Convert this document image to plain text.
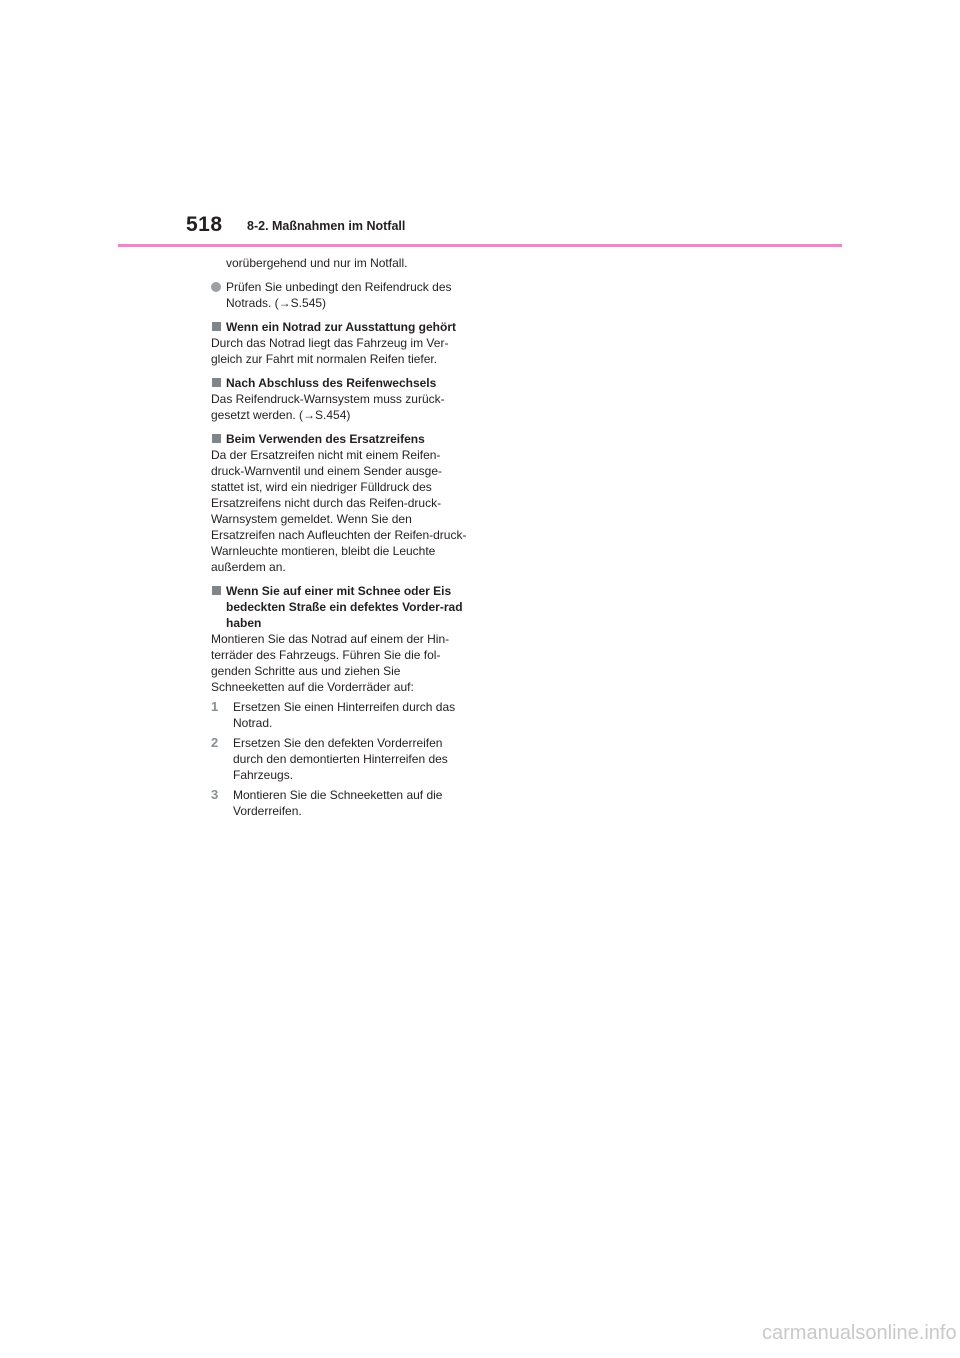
518 8-2. Maßnahmen im Notfall

vorübergehend und nur im Notfall.

Prüfen Sie unbedingt den Reifendruck des Notrads. (→S.545)

Wenn ein Notrad zur Ausstattung gehört

Durch das Notrad liegt das Fahrzeug im Ver-gleich zur Fahrt mit normalen Reifen tiefer.

Nach Abschluss des Reifenwechsels

Das Reifendruck-Warnsystem muss zurück-gesetzt werden. (→S.454)

Beim Verwenden des Ersatzreifens

Da der Ersatzreifen nicht mit einem Reifen-druck-Warnventil und einem Sender ausge-stattet ist, wird ein niedriger Fülldruck des Ersatzreifens nicht durch das Reifen-druck-Warnsystem gemeldet. Wenn Sie den Ersatzreifen nach Aufleuchten der Reifen-druck-Warnleuchte montieren, bleibt die Leuchte außerdem an.

Wenn Sie auf einer mit Schnee oder Eis bedeckten Straße ein defektes Vorder-rad haben

Montieren Sie das Notrad auf einem der Hin-terräder des Fahrzeugs. Führen Sie die fol-genden Schritte aus und ziehen Sie Schneeketten auf die Vorderräder auf:

1 Ersetzen Sie einen Hinterreifen durch das Notrad.

2 Ersetzen Sie den defekten Vorderreifen durch den demontierten Hinterreifen des Fahrzeugs.

3 Montieren Sie die Schneeketten auf die Vorderreifen.

carmanualsonline.info
